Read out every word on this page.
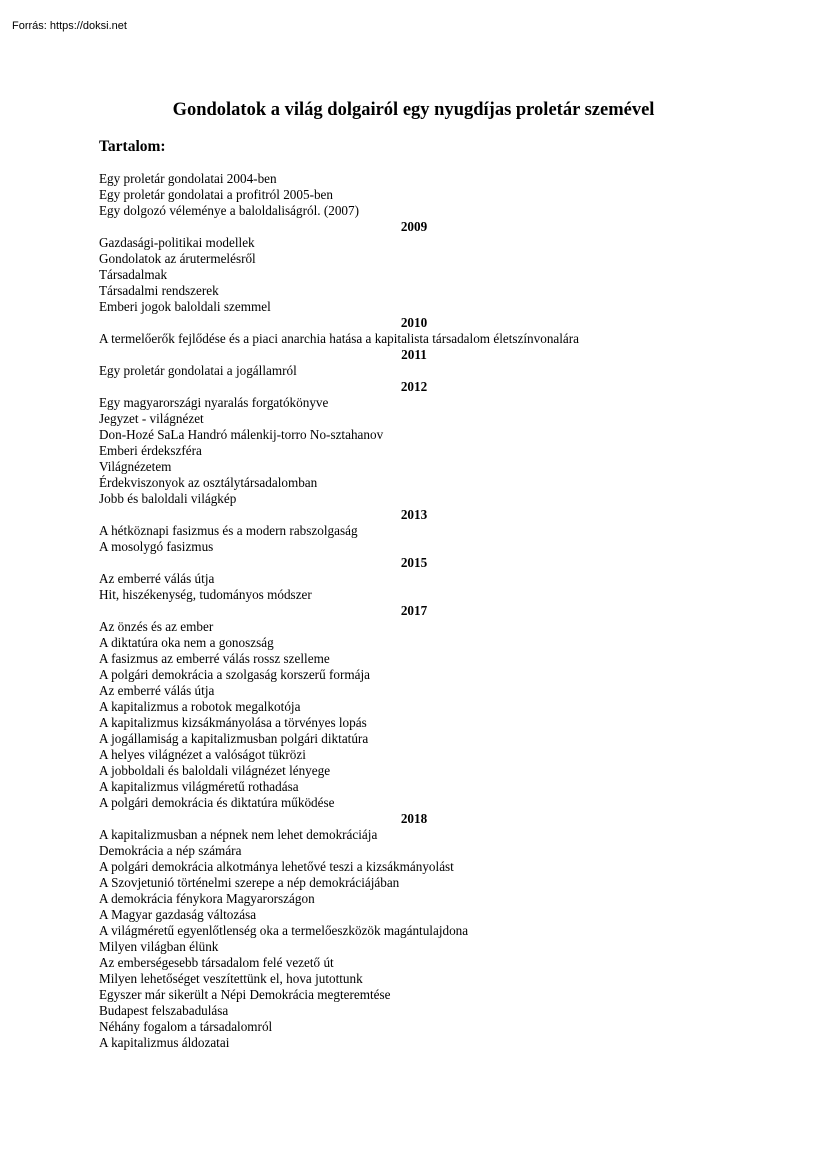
Forrás: https://doksi.net
Gondolatok a világ dolgairól egy nyugdíjas proletár szemével
Tartalom:
Egy proletár gondolatai 2004-ben
Egy proletár gondolatai a profitról 2005-ben
Egy dolgozó véleménye a baloldaliságról. (2007)
2009
Gazdasági-politikai modellek
Gondolatok az árutermelésről
Társadalmak
Társadalmi rendszerek
Emberi jogok baloldali szemmel
2010
A termelőerők fejlődése és a piaci anarchia hatása a kapitalista társadalom életszínvonalára
2011
Egy proletár gondolatai a jogállamról
2012
Egy magyarországi nyaralás forgatókönyve
Jegyzet - világnézet
Don-Hozé SaLa Handró málenkij-torro No-sztahanov
Emberi érdekszféra
Világnézetem
Érdekviszonyok az osztálytársadalomban
Jobb és baloldali világkép
2013
A hétköznapi fasizmus és a modern rabszolgaság
A mosolygó fasizmus
2015
Az emberré válás útja
Hit, hiszékenység, tudományos módszer
2017
Az önzés és az ember
A diktatúra oka nem a gonoszság
A fasizmus az emberré válás rossz szelleme
A polgári demokrácia a szolgaság korszerű formája
Az emberré válás útja
A kapitalizmus a robotok megalkotója
A kapitalizmus kizsákmányolása a törvényes lopás
A jogállamiság a kapitalizmusban polgári diktatúra
A helyes világnézet a valóságot tükrözi
A jobboldali és baloldali világnézet lényege
A kapitalizmus világméretű rothadása
A polgári demokrácia és diktatúra működése
2018
A kapitalizmusban a népnek nem lehet demokráciája
Demokrácia a nép számára
A polgári demokrácia alkotmánya lehetővé teszi a kizsákmányolást
A Szovjetunió történelmi szerepe a nép demokráciájában
A demokrácia fénykora Magyarországon
A Magyar gazdaság változása
A világméretű egyenlőtlenség oka a termelőeszközök magántulajdona
Milyen világban élünk
Az emberségesebb társadalom felé vezető út
Milyen lehetőséget veszítettünk el, hova jutottunk
Egyszer már sikerült a Népi Demokrácia megteremtése
Budapest felszabadulása
Néhány fogalom a társadalomról
A kapitalizmus áldozatai
